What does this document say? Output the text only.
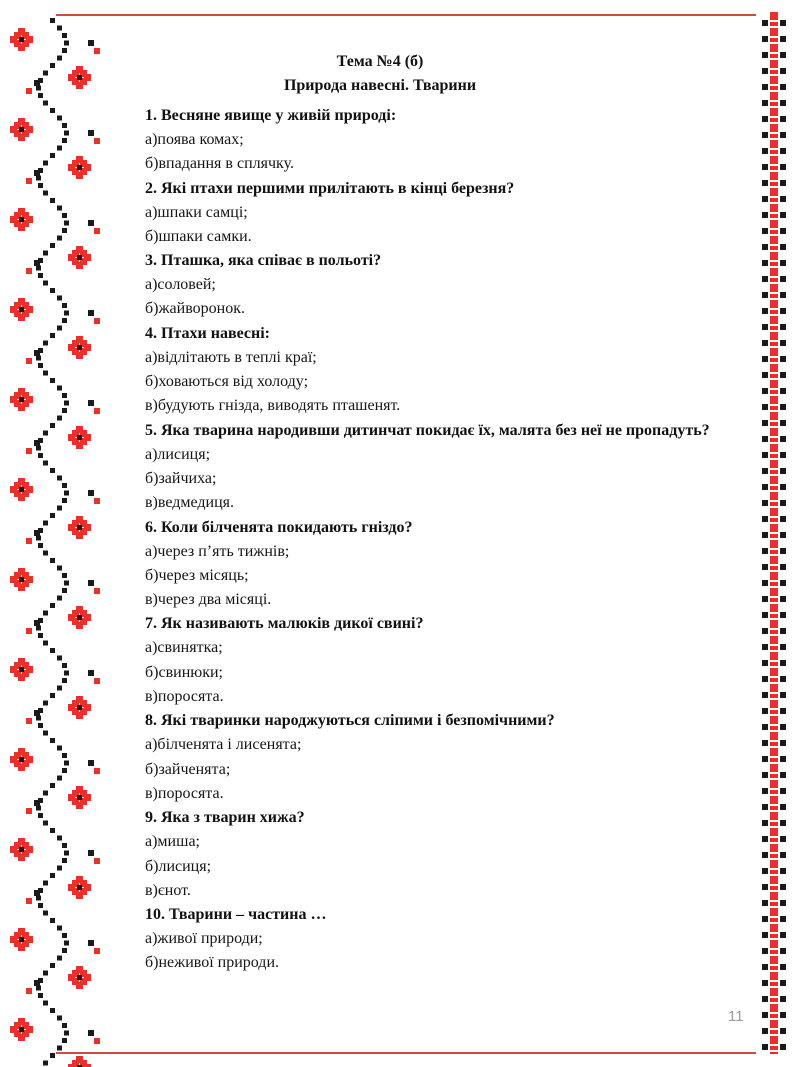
Тема №4 (б)
Природа навесні. Тварини

1. Весняне явище у живій природі:

а)поява комах;

б)впадання в сплячку.

2. Які птахи першими прилітають в кінці березня?

а)шпаки самці;

б)шпаки самки.

3. Пташка, яка співає в польоті?

а)соловей;

б)жайворонок.

4. Птахи навесні:

а)відлітають в теплі краї;

б)ховаються від холоду;

в)будують гнізда, виводять пташенят.

5. Яка тварина народивши дитинчат покидає їх, малята без неї не пропадуть?

а)лисиця;

б)зайчиха;

в)ведмедиця.

6. Коли білченята покидають гніздо?

а)через п’ять тижнів;

б)через місяць;

в)через два місяці.

7. Як називають малюків дикої свині?

а)свинятка;

б)свинюки;

в)поросята.

8. Які тваринки народжуються сліпими і безпомічними?

а)білченята і лисенята;

б)зайченята;

в)поросята.

9. Яка з тварин хижа?

а)миша;

б)лисиця;

в)єнот.

10. Тварини – частина …

а)живої природи;

б)неживої природи.

11
